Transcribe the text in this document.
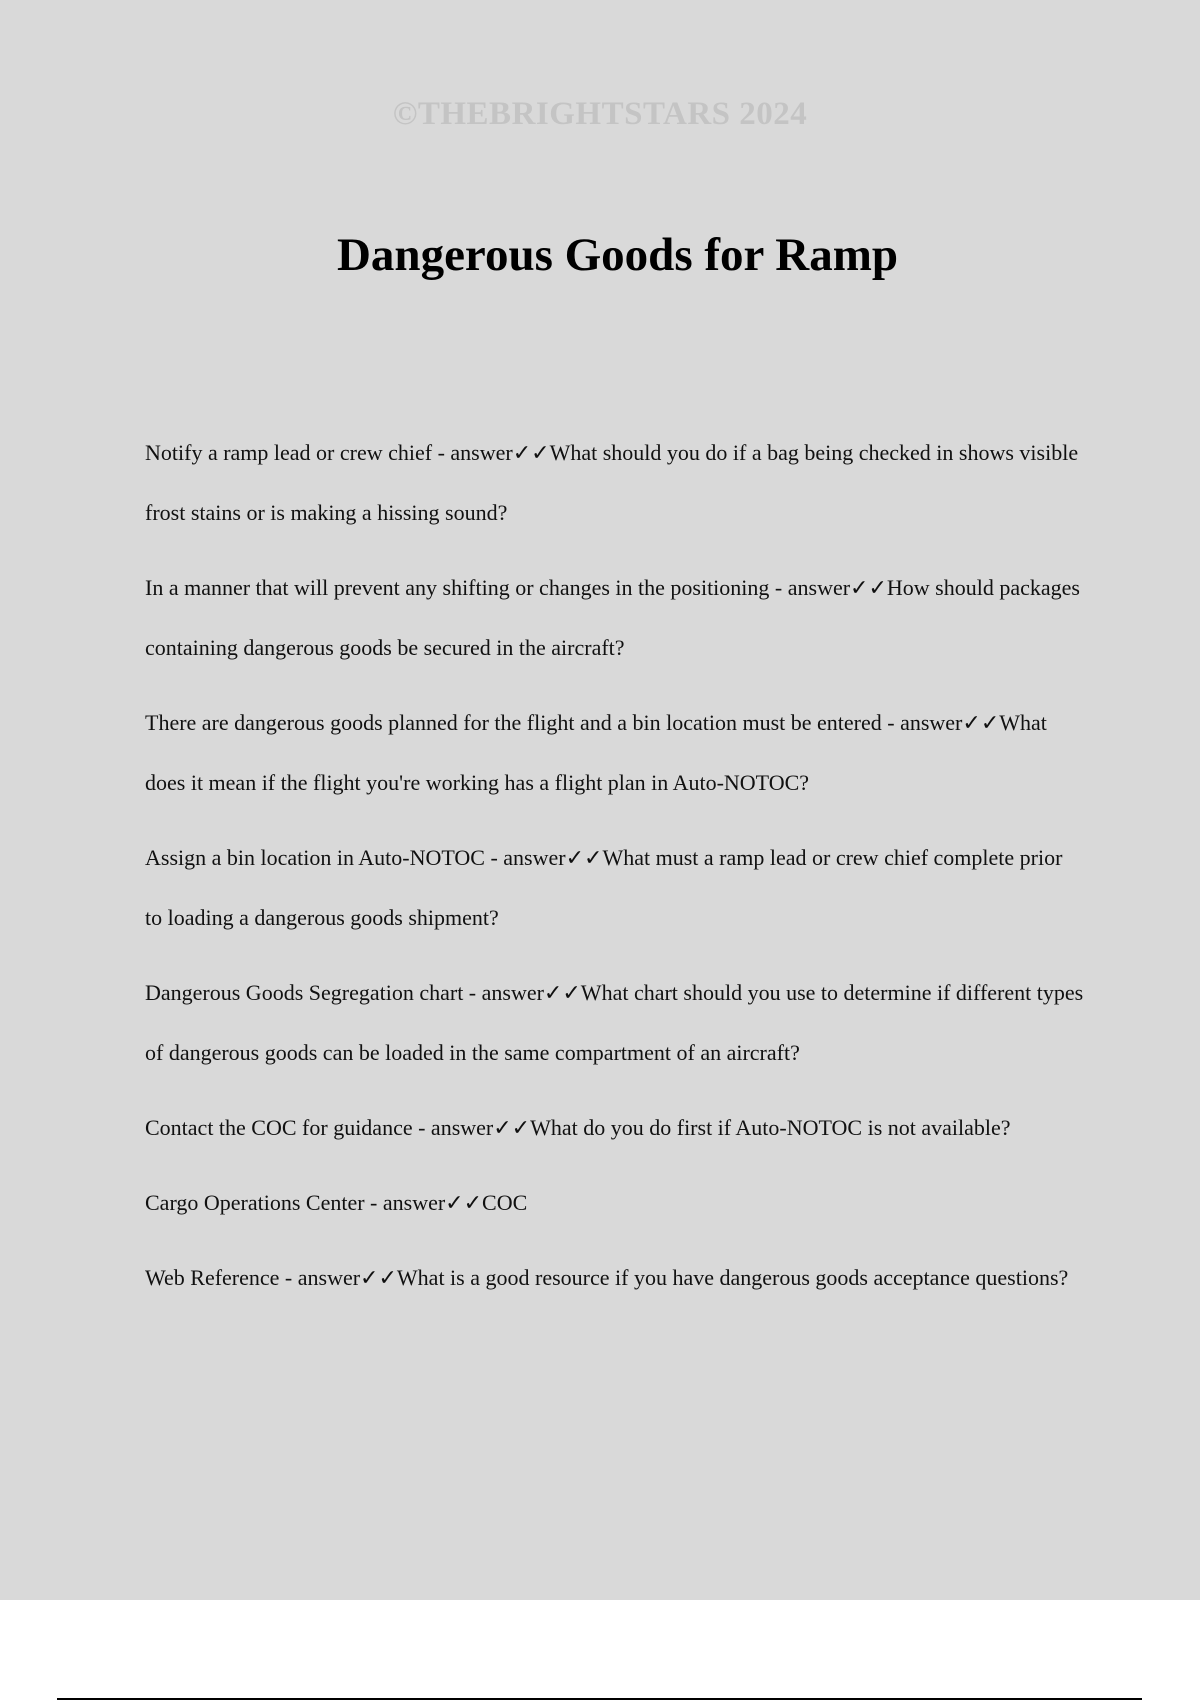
©THEBRIGHTSTARS 2024
Dangerous Goods for Ramp
Notify a ramp lead or crew chief - answer✓✓What should you do if a bag being checked in shows visible frost stains or is making a hissing sound?
In a manner that will prevent any shifting or changes in the positioning - answer✓✓How should packages containing dangerous goods be secured in the aircraft?
There are dangerous goods planned for the flight and a bin location must be entered - answer✓✓What does it mean if the flight you're working has a flight plan in Auto-NOTOC?
Assign a bin location in Auto-NOTOC - answer✓✓What must a ramp lead or crew chief complete prior to loading a dangerous goods shipment?
Dangerous Goods Segregation chart - answer✓✓What chart should you use to determine if different types of dangerous goods can be loaded in the same compartment of an aircraft?
Contact the COC for guidance - answer✓✓What do you do first if Auto-NOTOC is not available?
Cargo Operations Center - answer✓✓COC
Web Reference - answer✓✓What is a good resource if you have dangerous goods acceptance questions?
